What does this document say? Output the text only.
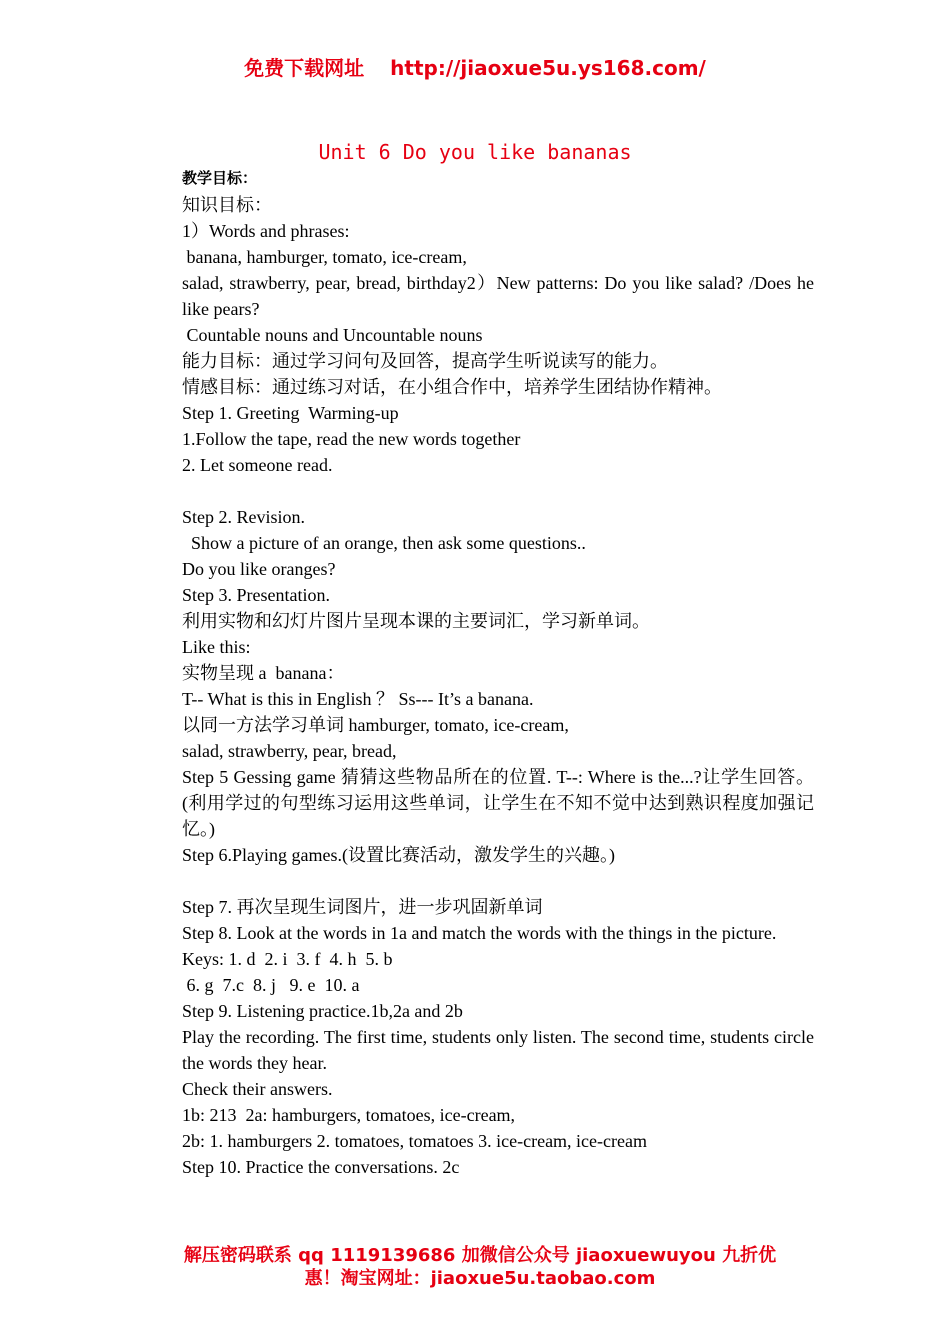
免费下载网址 http://jiaoxue5u.ys168.com/
Unit 6 Do you like bananas
教学目标：
知识目标：
1）Words and phrases:
banana, hamburger, tomato, ice-cream,
salad, strawberry, pear, bread, birthday2）New patterns: Do you like salad? /Does he like pears?
Countable nouns and Uncountable nouns
能力目标：通过学习问句及回答，提高学生听说读写的能力。
情感目标：通过练习对话，在小组合作中，培养学生团结协作精神。
Step 1. Greeting  Warming-up
1.Follow the tape, read the new words together
2. Let someone read.
Step 2. Revision.
Show a picture of an orange, then ask some questions..
Do you like oranges?
Step 3. Presentation.
利用实物和幻灯片图片呈现本课的主要词汇，学习新单词。
Like this:
实物呈现 a  banana：
T-- What is this in English ？ Ss--- It’s a banana.
以同一方法学习单词 hamburger, tomato, ice-cream,
salad, strawberry, pear, bread,
Step 5 Gessing game 猜猜这些物品所在的位置. T--: Where is the...?让学生回答。(利用学过的句型练习运用这些单词，让学生在不知不觉中达到熟识程度加强记忆。)
Step 6.Playing games.(设置比赛活动，激发学生的兴趣。)
Step 7. 再次呈现生词图片，进一步巩固新单词
Step 8. Look at the words in 1a and match the words with the things in the picture.
Keys: 1. d  2. i  3. f  4. h  5. b
6. g  7.c  8. j   9. e  10. a
Step 9. Listening practice.1b,2a and 2b
Play the recording. The first time, students only listen. The second time, students circle the words they hear.
Check their answers.
1b: 213  2a: hamburgers, tomatoes, ice-cream,
2b: 1. hamburgers 2. tomatoes, tomatoes 3. ice-cream, ice-cream
Step 10. Practice the conversations. 2c
解压密码联系 qq 1119139686 加微信公众号 jiaoxuewuyou 九折优惠！淘宝网址：jiaoxue5u.taobao.com
